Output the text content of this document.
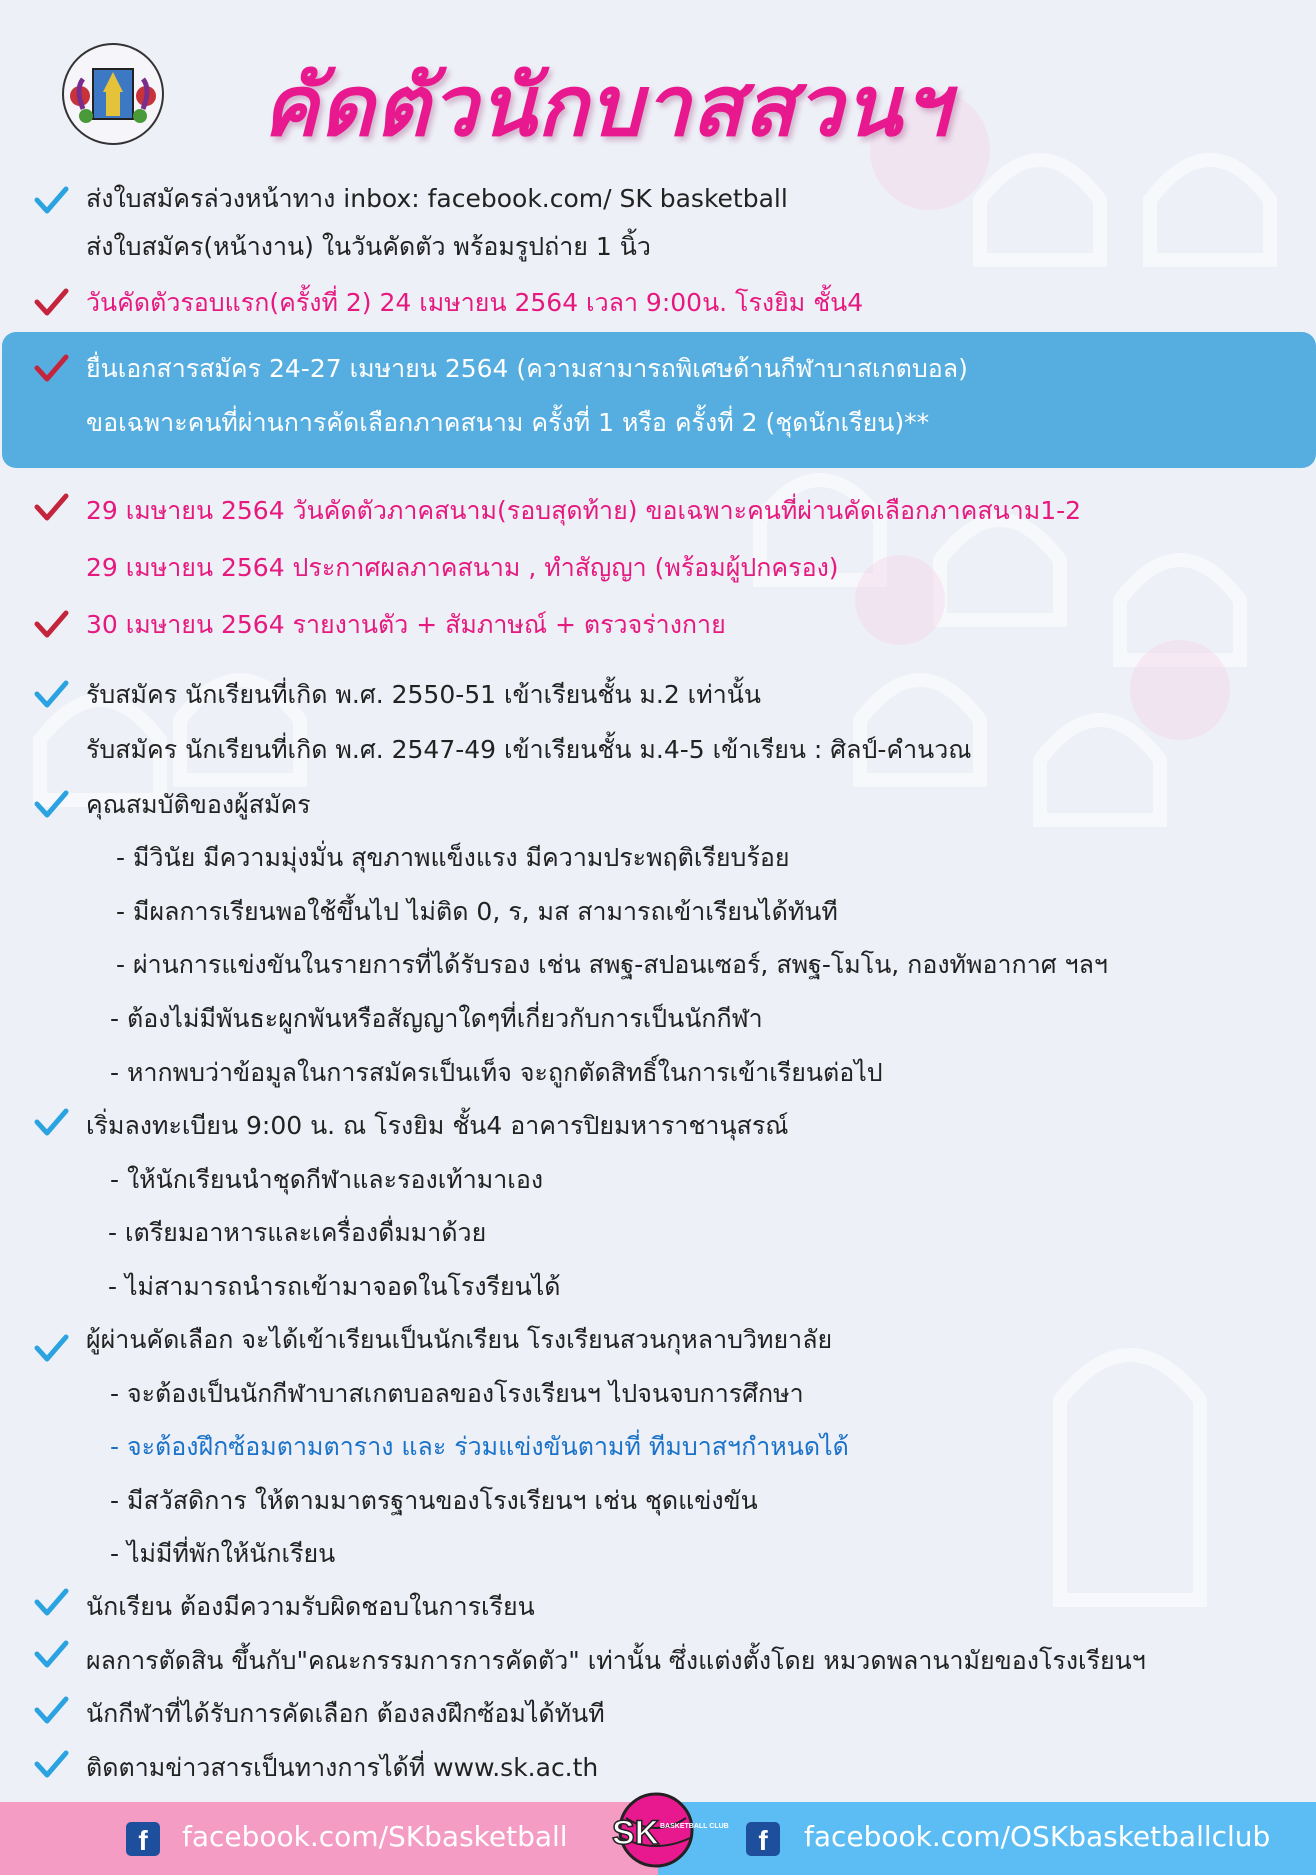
คัดตัวนักบาสสวนฯ
ส่งใบสมัครล่วงหน้าทาง inbox: facebook.com/ SK basketball
ส่งใบสมัคร(หน้างาน) ในวันคัดตัว พร้อมรูปถ่าย 1 นิ้ว
วันคัดตัวรอบแรก(ครั้งที่ 2) 24 เมษายน 2564 เวลา 9:00น. โรงยิม ชั้น4
ยื่นเอกสารสมัคร 24-27 เมษายน 2564 (ความสามารถพิเศษด้านกีฬาบาสเกตบอล)
ขอเฉพาะคนที่ผ่านการคัดเลือกภาคสนาม ครั้งที่ 1 หรือ ครั้งที่ 2 (ชุดนักเรียน)**
29 เมษายน 2564 วันคัดตัวภาคสนาม(รอบสุดท้าย) ขอเฉพาะคนที่ผ่านคัดเลือกภาคสนาม1-2
29 เมษายน 2564 ประกาศผลภาคสนาม , ทำสัญญา (พร้อมผู้ปกครอง)
30 เมษายน 2564 รายงานตัว + สัมภาษณ์ + ตรวจร่างกาย
รับสมัคร นักเรียนที่เกิด พ.ศ. 2550-51 เข้าเรียนชั้น ม.2 เท่านั้น
รับสมัคร นักเรียนที่เกิด พ.ศ. 2547-49 เข้าเรียนชั้น ม.4-5 เข้าเรียน : ศิลป์-คำนวณ
คุณสมบัติของผู้สมัคร
- มีวินัย มีความมุ่งมั่น สุขภาพแข็งแรง มีความประพฤติเรียบร้อย
- มีผลการเรียนพอใช้ขึ้นไป ไม่ติด 0, ร, มส สามารถเข้าเรียนได้ทันที
- ผ่านการแข่งขันในรายการที่ได้รับรอง เช่น สพฐ-สปอนเซอร์, สพฐ-โมโน, กองทัพอากาศ ฯลฯ
- ต้องไม่มีพันธะผูกพันหรือสัญญาใดๆที่เกี่ยวกับการเป็นนักกีฬา
- หากพบว่าข้อมูลในการสมัครเป็นเท็จ จะถูกตัดสิทธิ์ในการเข้าเรียนต่อไป
เริ่มลงทะเบียน 9:00 น. ณ โรงยิม ชั้น4 อาคารปิยมหาราชานุสรณ์
- ให้นักเรียนนำชุดกีฬาและรองเท้ามาเอง
- เตรียมอาหารและเครื่องดื่มมาด้วย
- ไม่สามารถนำรถเข้ามาจอดในโรงรียนได้
ผู้ผ่านคัดเลือก จะได้เข้าเรียนเป็นนักเรียน โรงเรียนสวนกุหลาบวิทยาลัย
- จะต้องเป็นนักกีฬาบาสเกตบอลของโรงเรียนฯ ไปจนจบการศึกษา
- จะต้องฝึกซ้อมตามตาราง และ ร่วมแข่งขันตามที่ ทีมบาสฯกำหนดได้
- มีสวัสดิการ ให้ตามมาตรฐานของโรงเรียนฯ เช่น ชุดแข่งขัน
- ไม่มีที่พักให้นักเรียน
นักเรียน ต้องมีความรับผิดชอบในการเรียน
ผลการตัดสิน ขึ้นกับ"คณะกรรมการการคัดตัว" เท่านั้น ซึ่งแต่งตั้งโดย หมวดพลานามัยของโรงเรียนฯ
นักกีฬาที่ได้รับการคัดเลือก ต้องลงฝึกซ้อมได้ทันที
ติดตามข่าวสารเป็นทางการได้ที่ www.sk.ac.th
f	facebook.com/SKbasketball	f	facebook.com/OSKbasketballclub
SK BASKETBALL CLUB
